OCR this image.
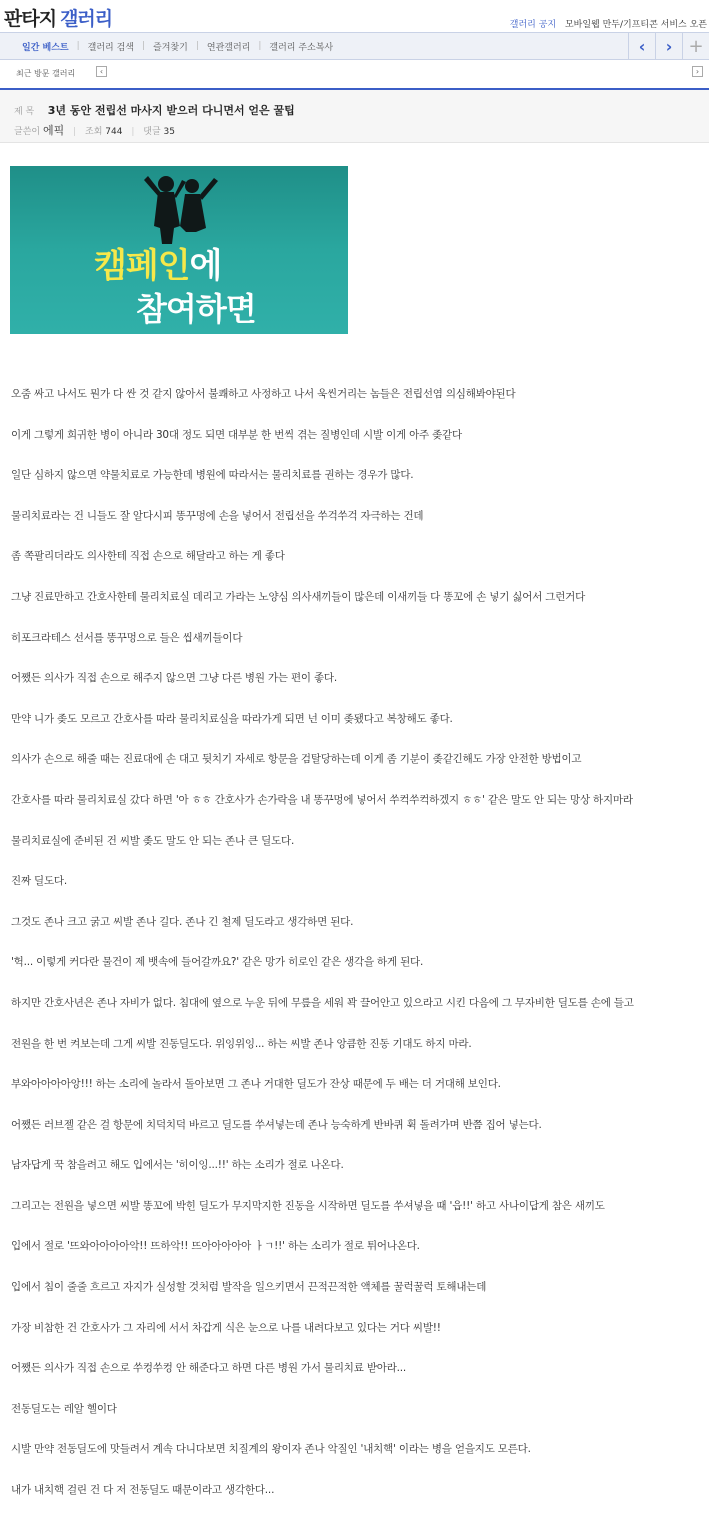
판타지 갤러리	갤러리 공지 모바일웹 만두/기프티콘 서비스 오픈
일간 베스트 | 갤러리 검색 | 즐겨찾기 | 연관갤러리 | 갤러리 주소복사	‹	› +
최근 방문 갤러리	‹	›
제 목 3년 동안 전립선 마사지 받으러 다니면서 얻은 꿀팁
글쓴이 에픽 | 조회 744 | 댓글 35
캠페인에
참여하면

오줌 싸고 나서도 뭔가 다 싼 것 같지 않아서 불쾌하고 사정하고 나서 욱씬거리는 놈들은 전립선염 의심해봐야된다

이게 그렇게 희귀한 병이 아니라 30대 정도 되면 대부분 한 번씩 겪는 질병인데 시발 이게 아주 좆같다

일단 심하지 않으면 약물치료로 가능한데 병원에 따라서는 물리치료를 권하는 경우가 많다.

물리치료라는 건 니들도 잘 알다시피 똥꾸멍에 손을 넣어서 전립선을 쑤걱쑤걱 자극하는 건데

좀 쪽팔리더라도 의사한테 직접 손으로 해달라고 하는 게 좋다

그냥 진료만하고 간호사한테 물리치료실 데리고 가라는 노양심 의사새끼들이 많은데 이새끼들 다 똥꼬에 손 넣기 싫어서 그런거다

히포크라테스 선서를 똥꾸멍으로 들은 씹새끼들이다

어쨌든 의사가 직접 손으로 해주지 않으면 그냥 다른 병원 가는 편이 좋다.

만약 니가 좆도 모르고 간호사를 따라 물리치료실을 따라가게 되면 넌 이미 좆됐다고 복창해도 좋다.

의사가 손으로 해줄 때는 진료대에 손 대고 뒷치기 자세로 항문을 검탈당하는데 이게 좀 기분이 좆같긴해도 가장 안전한 방법이고

간호사를 따라 물리치료실 갔다 하면 '아 ㅎㅎ 간호사가 손가락을 내 똥꾸멍에 넣어서 쑤컥쑤컥하겠지 ㅎㅎ' 같은 말도 안 되는 망상 하지마라

물리치료실에 준비된 건 씨발 좆도 말도 안 되는 존나 큰 딜도다.

진짜 딜도다.

그것도 존나 크고 굵고 씨발 존나 길다. 존나 긴 철제 딜도라고 생각하면 된다.

'헉... 이렇게 커다란 물건이 제 뱃속에 들어갈까요?' 같은 망가 히로인 같은 생각을 하게 된다.

하지만 간호사년은 존나 자비가 없다. 침대에 옆으로 누운 뒤에 무릎을 세워 꽉 끌어안고 있으라고 시킨 다음에 그 무자비한 딜도를 손에 들고

전원을 한 번 켜보는데 그게 씨발 진동딜도다. 위잉위잉... 하는 씨발 존나 앙큼한 진동 기대도 하지 마라.

부와아아아아앙!!! 하는 소리에 놀라서 돌아보면 그 존나 거대한 딜도가 잔상 때문에 두 배는 더 거대해 보인다.

어쨌든 러브젤 같은 걸 항문에 치덕치덕 바르고 딜도를 쑤셔넣는데 존나 능숙하게 반바퀴 휙 돌려가며 반쯤 집어 넣는다.

남자답게 꾹 참을려고 해도 입에서는 '히이잉...!!' 하는 소리가 절로 나온다.

그리고는 전원을 넣으면 씨발 똥꼬에 박힌 딜도가 무지막지한 진동을 시작하면 딜도를 쑤셔넣을 때 '읍!!' 하고 사나이답게 참은 새끼도

입에서 절로 '뜨와아아아아악!! 뜨하악!! 뜨아아아아아 ㅏㄱ!!' 하는 소리가 절로 튀어나온다.

입에서 침이 줄줄 흐르고 자지가 실성할 것처럼 발작을 일으키면서 끈적끈적한 액체를 꿀럭꿀럭 토해내는데

가장 비참한 건 간호사가 그 자리에 서서 차갑게 식은 눈으로 나를 내려다보고 있다는 거다 씨발!!

어쨌든 의사가 직접 손으로 쑤컹쑤컹 안 해준다고 하면 다른 병원 가서 물리치료 받아라...

전동딜도는 레알 헬이다

시발 만약 전동딜도에 맛들려서 계속 다니다보면 치질계의 왕이자 존나 악질인 '내치핵' 이라는 병을 얻을지도 모른다.

내가 내치핵 걸린 건 다 저 전동딜도 때문이라고 생각한다...
